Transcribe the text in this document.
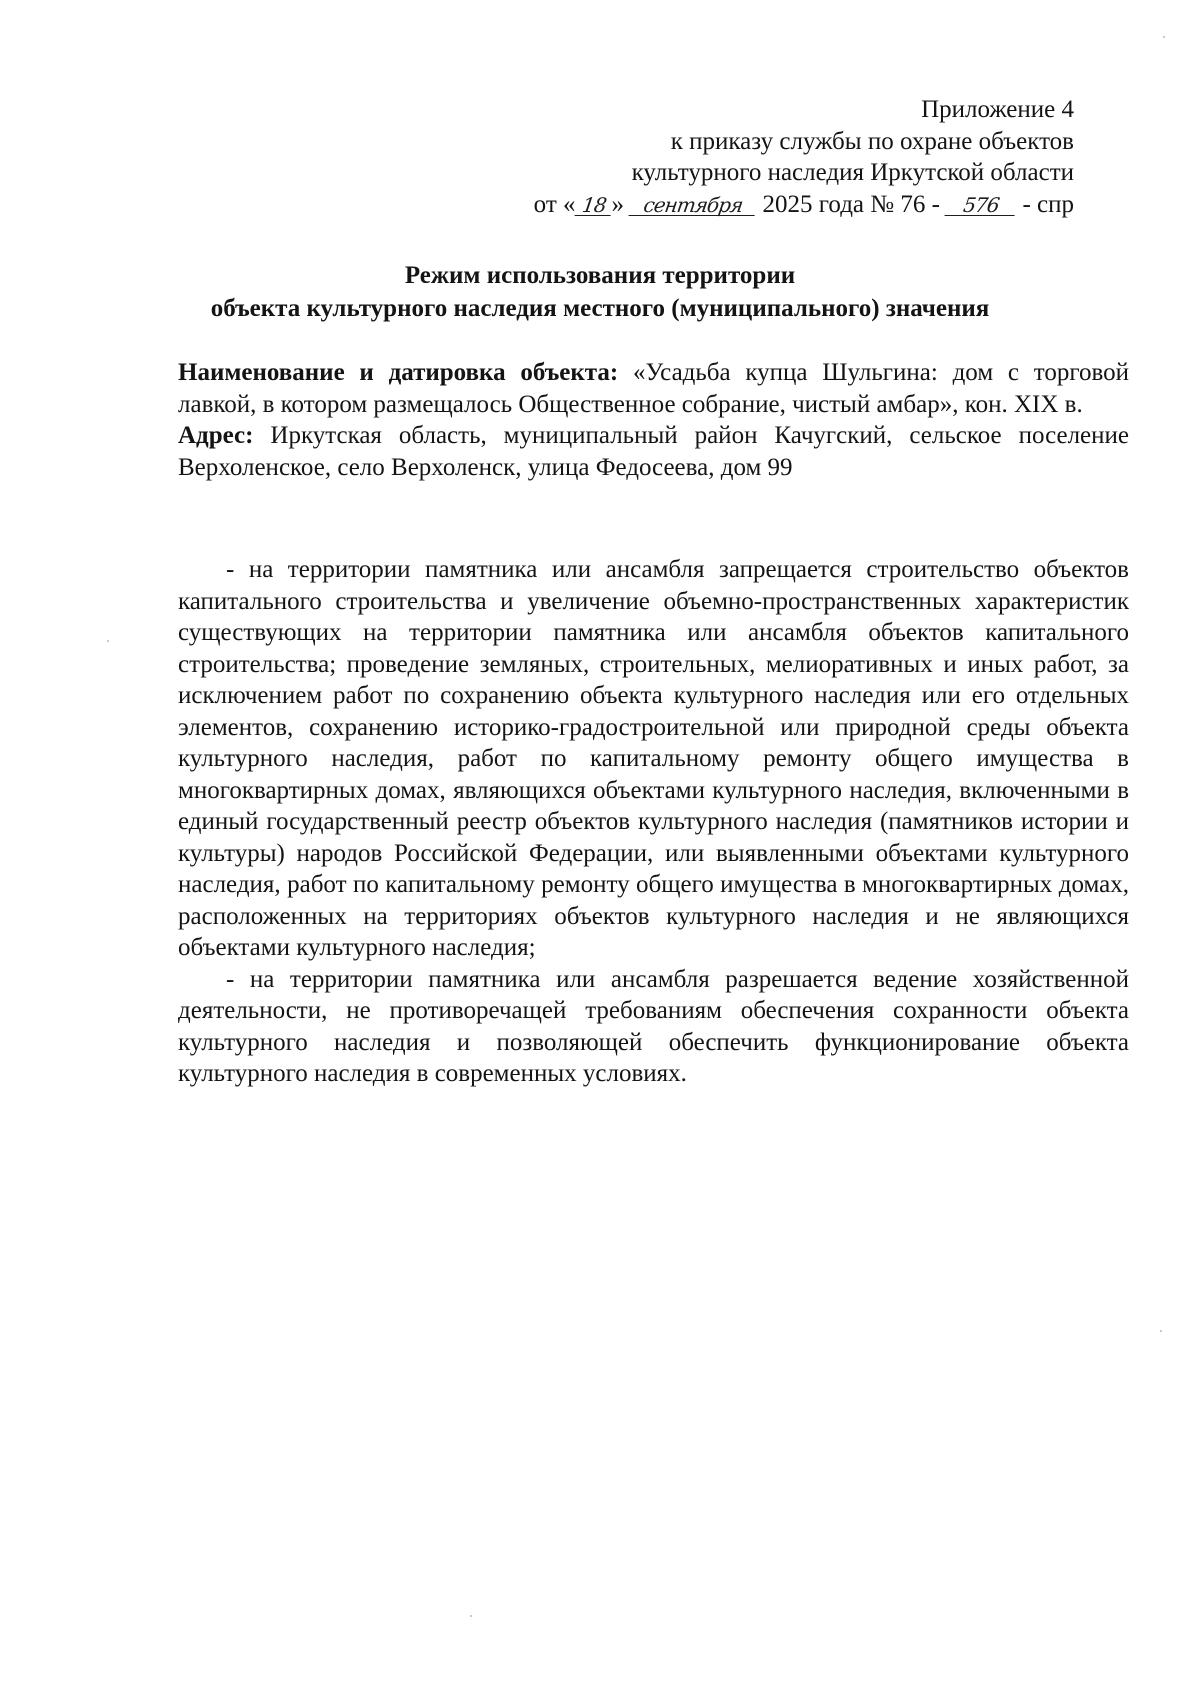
Приложение 4
к приказу службы по охране объектов
культурного наследия Иркутской области
от « 18 » сентября 2025 года № 76 - 576 - спр
Режим использования территории
объекта культурного наследия местного (муниципального) значения

Наименование и датировка объекта: «Усадьба купца Шульгина: дом с торговой лавкой, в котором размещалось Общественное собрание, чистый амбар», кон. XIX в.

Адрес: Иркутская область, муниципальный район Качугский, сельское поселение Верхоленское, село Верхоленск, улица Федосеева, дом 99

- на территории памятника или ансамбля запрещается строительство объектов капитального строительства и увеличение объемно-пространственных характеристик существующих на территории памятника или ансамбля объектов капитального строительства; проведение земляных, строительных, мелиоративных и иных работ, за исключением работ по сохранению объекта культурного наследия или его отдельных элементов, сохранению историко-градостроительной или природной среды объекта культурного наследия, работ по капитальному ремонту общего имущества в многоквартирных домах, являющихся объектами культурного наследия, включенными в единый государственный реестр объектов культурного наследия (памятников истории и культуры) народов Российской Федерации, или выявленными объектами культурного наследия, работ по капитальному ремонту общего имущества в многоквартирных домах, расположенных на территориях объектов культурного наследия и не являющихся объектами культурного наследия;

- на территории памятника или ансамбля разрешается ведение хозяйственной деятельности, не противоречащей требованиям обеспечения сохранности объекта культурного наследия и позволяющей обеспечить функционирование объекта культурного наследия в современных условиях.
